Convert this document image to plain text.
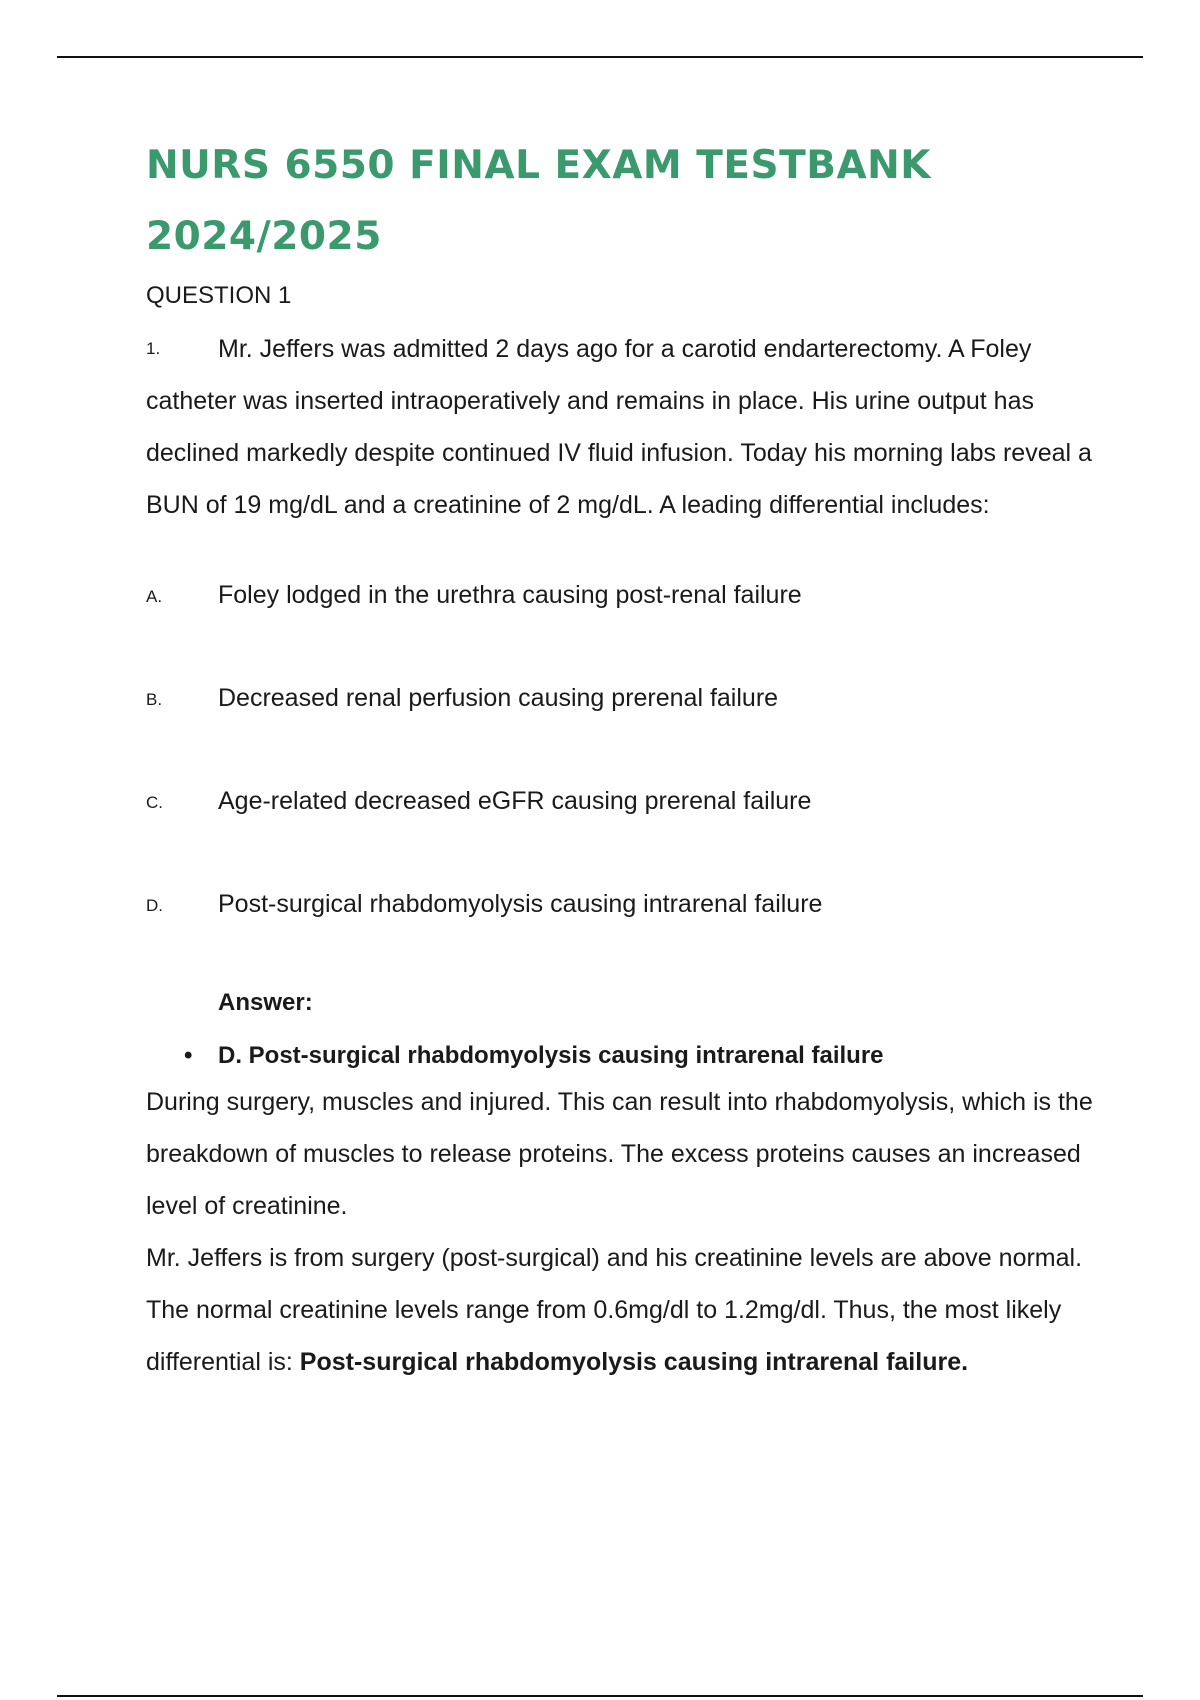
NURS 6550 FINAL EXAM TESTBANK
2024/2025
QUESTION 1
1.	Mr. Jeffers was admitted 2 days ago for a carotid endarterectomy. A Foley catheter was inserted intraoperatively and remains in place. His urine output has declined markedly despite continued IV fluid infusion. Today his morning labs reveal a BUN of 19 mg/dL and a creatinine of 2 mg/dL. A leading differential includes:
A. Foley lodged in the urethra causing post-renal failure
B. Decreased renal perfusion causing prerenal failure
C. Age-related decreased eGFR causing prerenal failure
D. Post-surgical rhabdomyolysis causing intrarenal failure
Answer:
• D. Post-surgical rhabdomyolysis causing intrarenal failure

During surgery, muscles and injured. This can result into rhabdomyolysis, which is the breakdown of muscles to release proteins. The excess proteins causes an increased level of creatinine.

Mr. Jeffers is from surgery (post-surgical) and his creatinine levels are above normal. The normal creatinine levels range from 0.6mg/dl to 1.2mg/dl. Thus, the most likely differential is: Post-surgical rhabdomyolysis causing intrarenal failure.
